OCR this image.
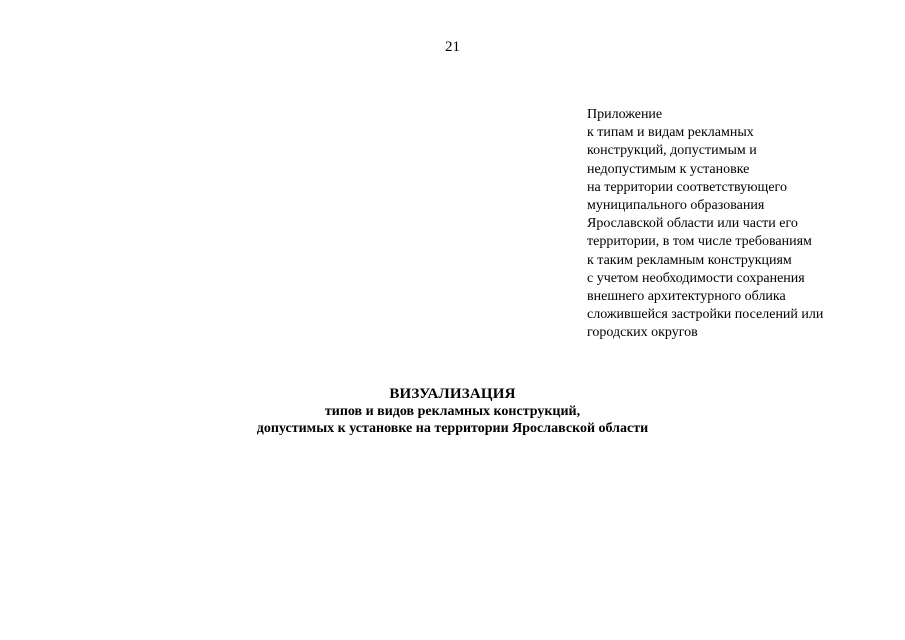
21
Приложение
к типам и видам рекламных
конструкций, допустимым и
недопустимым к установке
на территории соответствующего
муниципального образования
Ярославской области или части его
территории, в том числе требованиям
к таким рекламным конструкциям
с учетом необходимости сохранения
внешнего архитектурного облика
сложившейся застройки поселений или
городских округов
ВИЗУАЛИЗАЦИЯ
типов и видов рекламных конструкций,
допустимых к установке на территории Ярославской области
